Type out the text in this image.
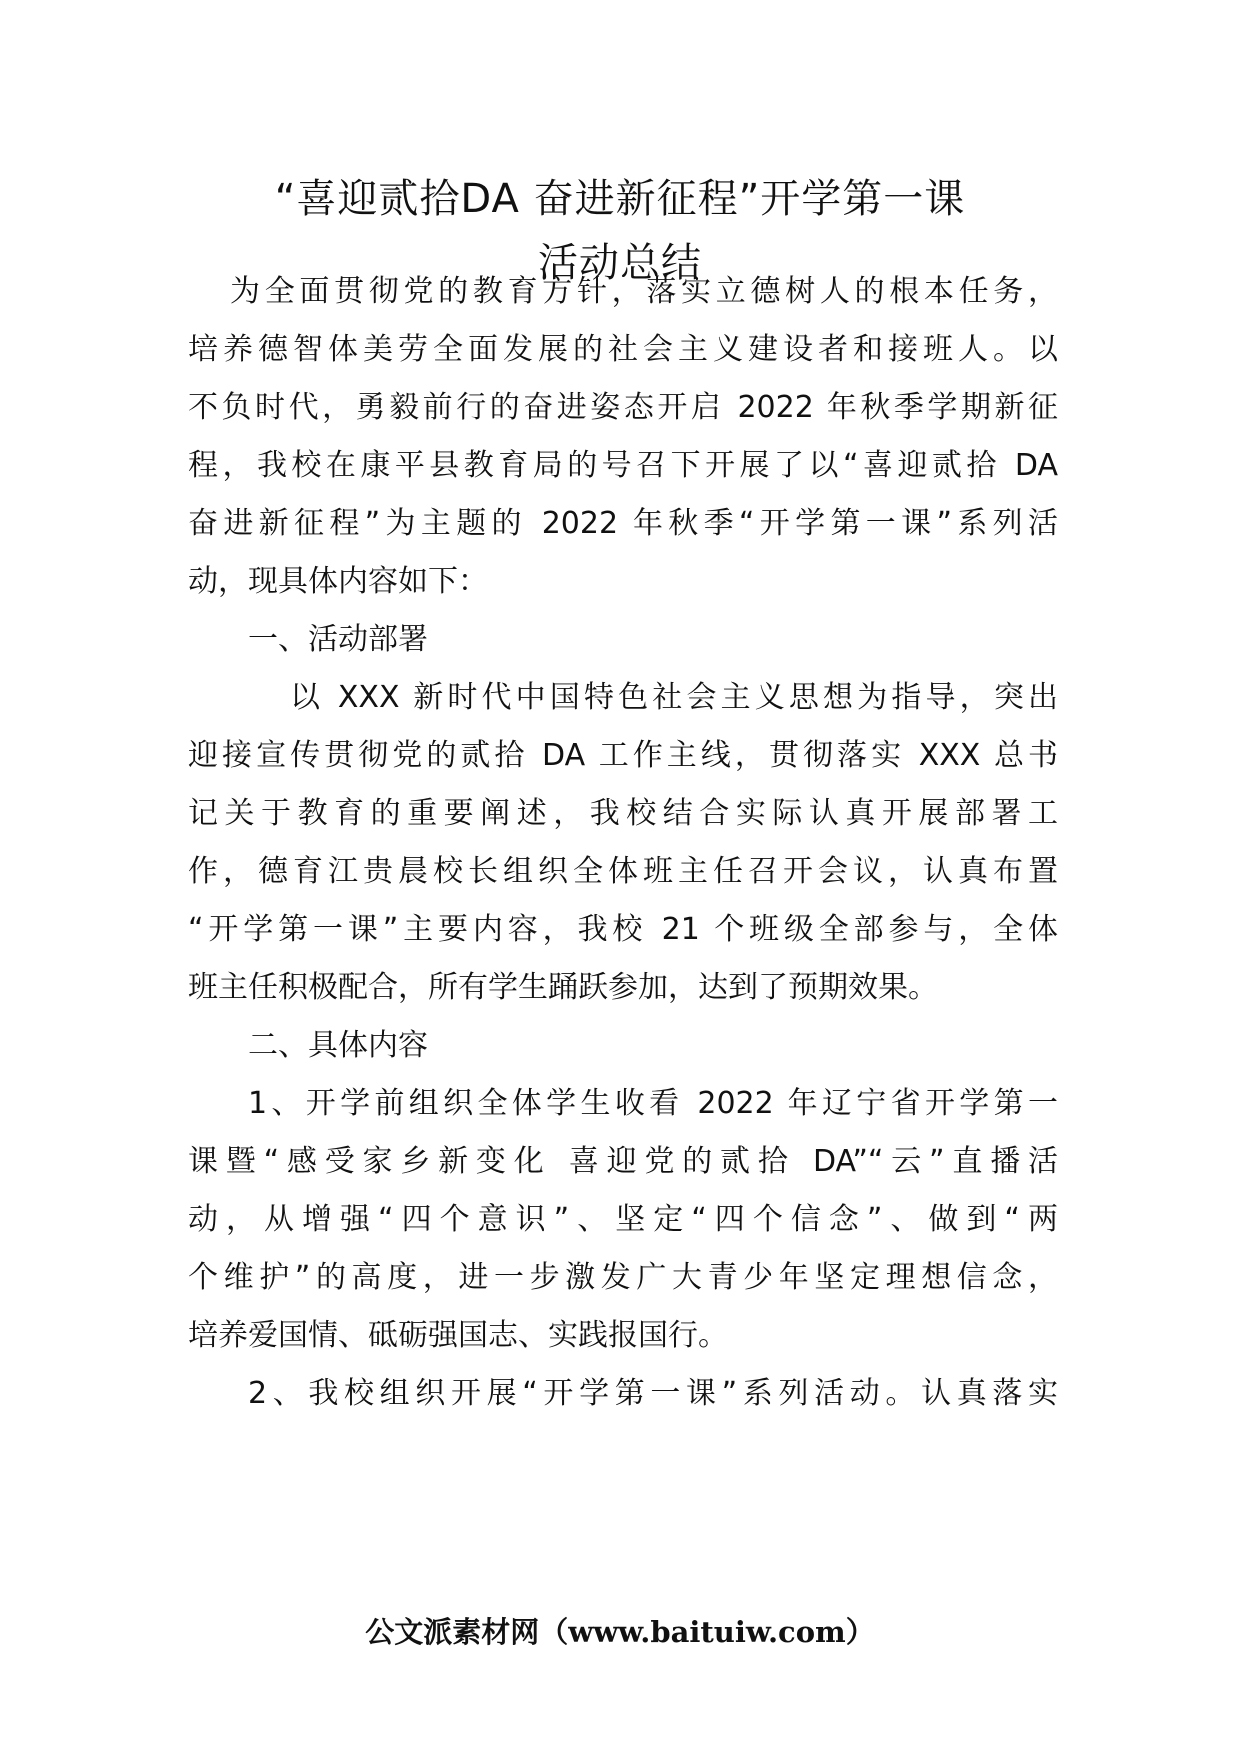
“喜迎贰拾DA 奋进新征程”开学第一课
活动总结
为全面贯彻党的教育方针，落实立德树人的根本任务，
培养德智体美劳全面发展的社会主义建设者和接班人。以
不负时代，勇毅前行的奋进姿态开启 2022 年秋季学期新征
程，我校在康平县教育局的号召下开展了以“喜迎贰拾 DA
奋进新征程”为主题的 2022 年秋季“开学第一课”系列活
动，现具体内容如下：
一、活动部署
以 XXX 新时代中国特色社会主义思想为指导，突出
迎接宣传贯彻党的贰拾 DA 工作主线，贯彻落实 XXX 总书
记关于教育的重要阐述，我校结合实际认真开展部署工
作，德育江贵晨校长组织全体班主任召开会议，认真布置
“开学第一课”主要内容，我校 21 个班级全部参与，全体
班主任积极配合，所有学生踊跃参加，达到了预期效果。
二、具体内容
1、开学前组织全体学生收看 2022 年辽宁省开学第一
课暨“感受家乡新变化 喜迎党的贰拾 DA”“云”直播活
动，从增强“四个意识”、坚定“四个信念”、做到“两
个维护”的高度，进一步激发广大青少年坚定理想信念，
培养爱国情、砥砺强国志、实践报国行。
2、我校组织开展“开学第一课”系列活动。认真落实
公文派素材网（www.baituiw.com）
